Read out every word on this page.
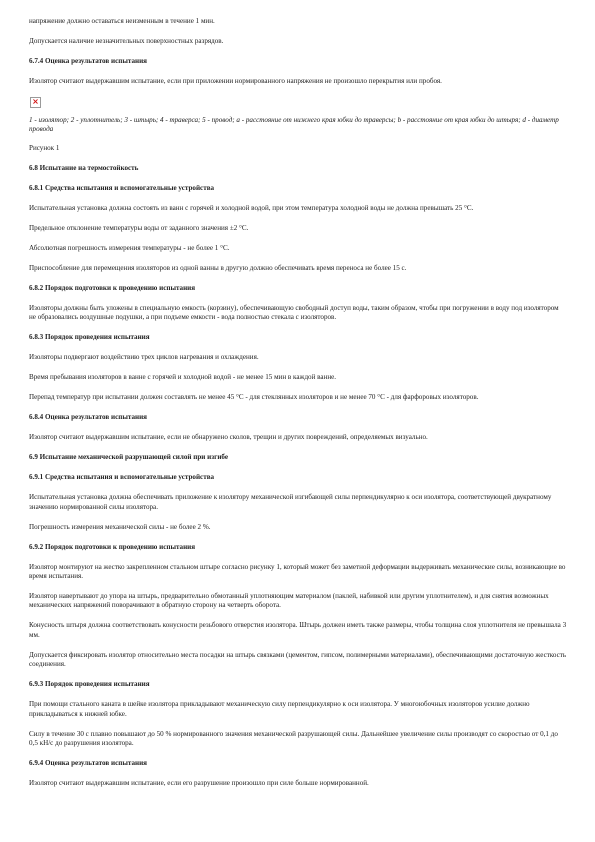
напряжение должно оставаться неизменным в течение 1 мин.

Допускается наличие незначительных поверхностных разрядов.

6.7.4 Оценка результатов испытания

Изолятор считают выдержавшим испытание, если при приложении нормированного напряжения не произошло перекрытия или пробоя.

×

1 - изолятор; 2 - уплотнитель; 3 - штырь; 4 - траверса; 5 - провод; a - расстояние от нижнего края юбки до траверсы; b - расстояние от края юбки до штыря; d - диаметр провода

Рисунок 1

6.8 Испытание на термостойкость

6.8.1 Средства испытания и вспомогательные устройства

Испытательная установка должна состоять из ванн с горячей и холодной водой, при этом температура холодной воды не должна превышать 25 °С.

Предельное отклонение температуры воды от заданного значения ±2 °С.

Абсолютная погрешность измерения температуры - не более 1 °С.

Приспособление для перемещения изоляторов из одной ванны в другую должно обеспечивать время переноса не более 15 с.

6.8.2 Порядок подготовки к проведению испытания

Изоляторы должны быть уложены в специальную емкость (корзину), обеспечивающую свободный доступ воды, таким образом, чтобы при погружении в воду под изолятором не образовались воздушные подушки, а при подъеме емкости - вода полностью стекала с изоляторов.

6.8.3 Порядок проведения испытания

Изоляторы подвергают воздействию трех циклов нагревания и охлаждения.

Время пребывания изоляторов в ванне с горячей и холодной водой - не менее 15 мин в каждой ванне.

Перепад температур при испытании должен составлять не менее 45 °С - для стеклянных изоляторов и не менее 70 °С - для фарфоровых изоляторов.

6.8.4 Оценка результатов испытания

Изолятор считают выдержавшим испытание, если не обнаружено сколов, трещин и других повреждений, определяемых визуально.

6.9 Испытание механической разрушающей силой при изгибе

6.9.1 Средства испытания и вспомогательные устройства

Испытательная установка должна обеспечивать приложение к изолятору механической изгибающей силы перпендикулярно к оси изолятора, соответствующей двукратному значению нормированной силы изолятора.

Погрешность измерения механической силы - не более 2 %.

6.9.2 Порядок подготовки к проведению испытания

Изолятор монтируют на жестко закрепленном стальном штыре согласно рисунку 1, который может без заметной деформации выдерживать механические силы, возникающие во время испытания.

Изолятор навертывают до упора на штырь, предварительно обмотанный уплотняющим материалом (паклей, набивкой или другим уплотнителем), и для снятия возможных механических напряжений поворачивают в обратную сторону на четверть оборота.

Конусность штыря должна соответствовать конусности резьбового отверстия изолятора. Штырь должен иметь также размеры, чтобы толщина слоя уплотнителя не превышала 3 мм.

Допускается фиксировать изолятор относительно места посадки на штырь связками (цементом, гипсом, полимерными материалами), обеспечивающими достаточную жесткость соединения.

6.9.3 Порядок проведения испытания

При помощи стального каната в шейке изолятора прикладывают механическую силу перпендикулярно к оси изолятора. У многоюбочных изоляторов усилие должно прикладываться к нижней юбке.

Силу в течение 30 с плавно повышают до 50 % нормированного значения механической разрушающей силы. Дальнейшее увеличение силы производят со скоростью от 0,1 до 0,5 кН/с до разрушения изолятора.

6.9.4 Оценка результатов испытания

Изолятор считают выдержавшим испытание, если его разрушение произошло при силе больше нормированной.
